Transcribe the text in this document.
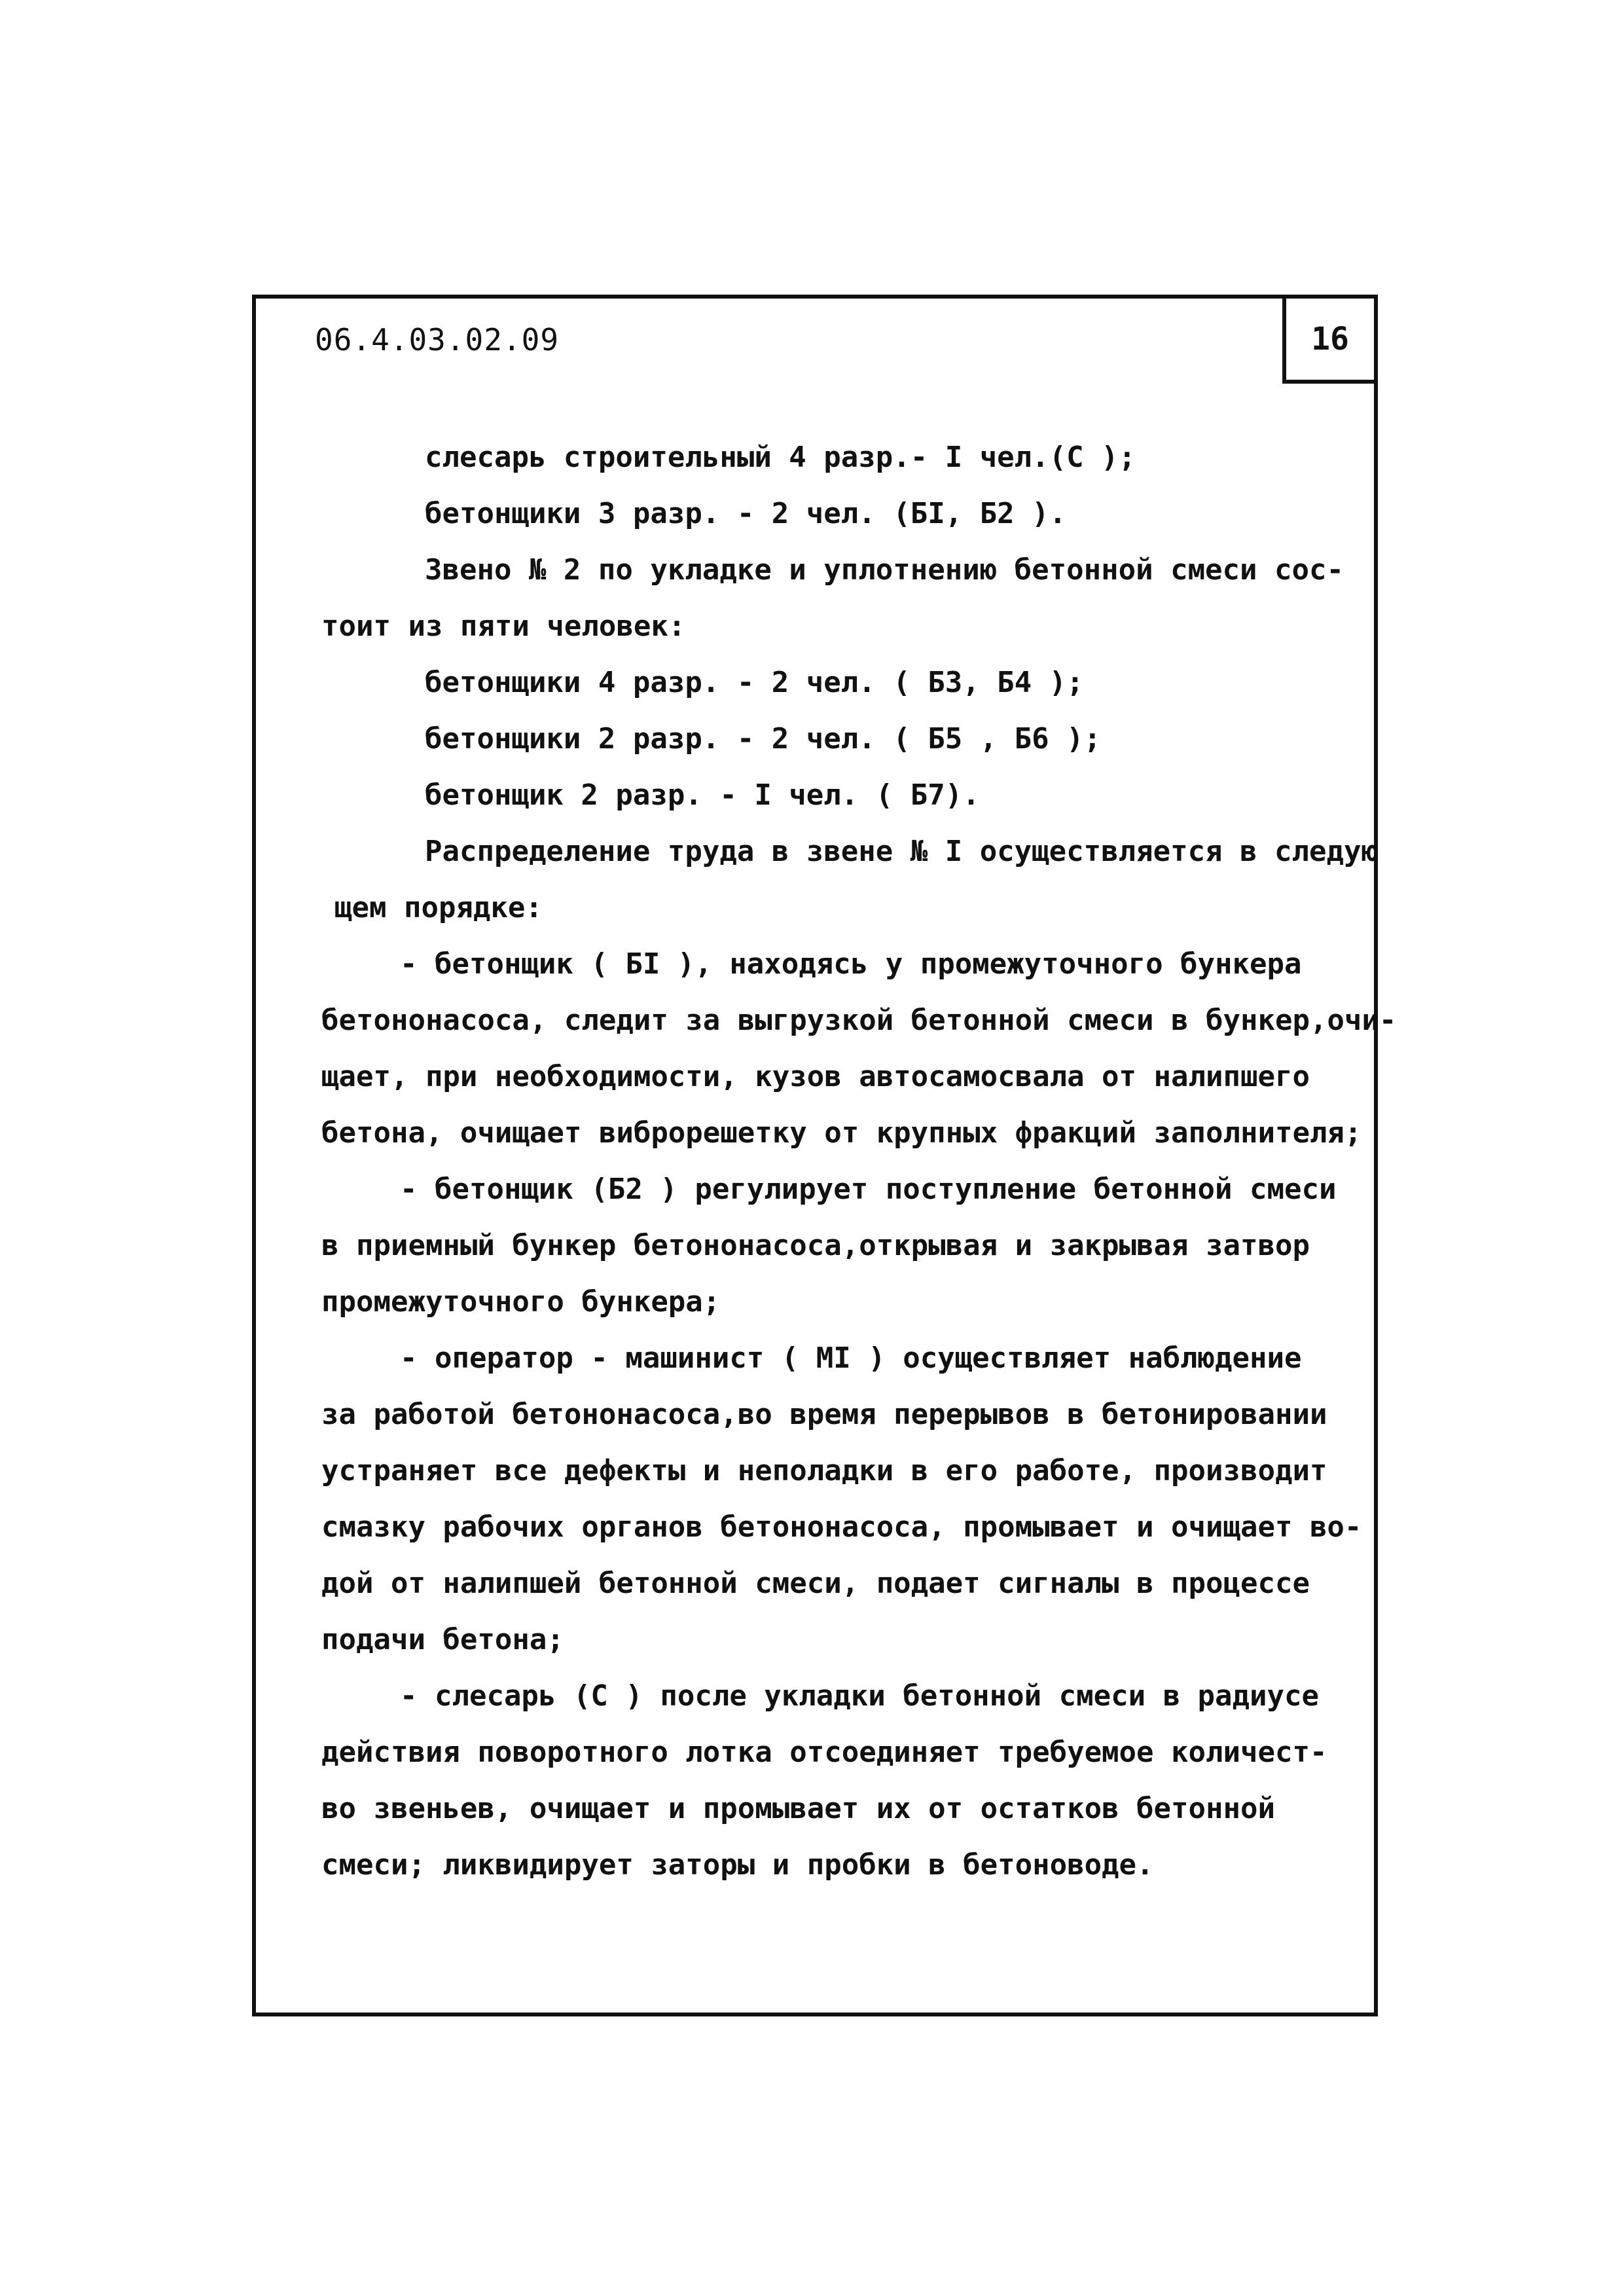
06.4.03.02.09	16
слесарь строительный 4 разр.- I чел.(С );
бетонщики 3 разр. - 2 чел. (БI, Б2 ).
Звено № 2 по укладке и уплотнению бетонной смеси сос-
тоит из пяти человек:
бетонщики 4 разр. - 2 чел. ( Б3, Б4 );
бетонщики 2 разр. - 2 чел. ( Б5 , Б6 );
бетонщик 2 разр. - I чел. ( Б7).
Распределение труда в звене № I осуществляется в следую
щем порядке:
- бетонщик ( БI ), находясь у промежуточного бункера
бетононасоса, следит за выгрузкой бетонной смеси в бункер,очи-
щает, при необходимости, кузов автосамосвала от налипшего
бетона, очищает виброрешетку от крупных фракций заполнителя;
- бетонщик (Б2 ) регулирует поступление бетонной смеси
в приемный бункер бетононасоса,открывая и закрывая затвор
промежуточного бункера;
- оператор - машинист ( МI ) осуществляет наблюдение
за работой бетононасоса,во время перерывов в бетонировании
устраняет все дефекты и неполадки в его работе, производит
смазку рабочих органов бетононасоса, промывает и очищает во-
дой от налипшей бетонной смеси, подает сигналы в процессе
подачи бетона;
- слесарь (С ) после укладки бетонной смеси в радиусе
действия поворотного лотка отсоединяет требуемое количест-
во звеньев, очищает и промывает их от остатков бетонной
смеси; ликвидирует заторы и пробки в бетоноводе.
